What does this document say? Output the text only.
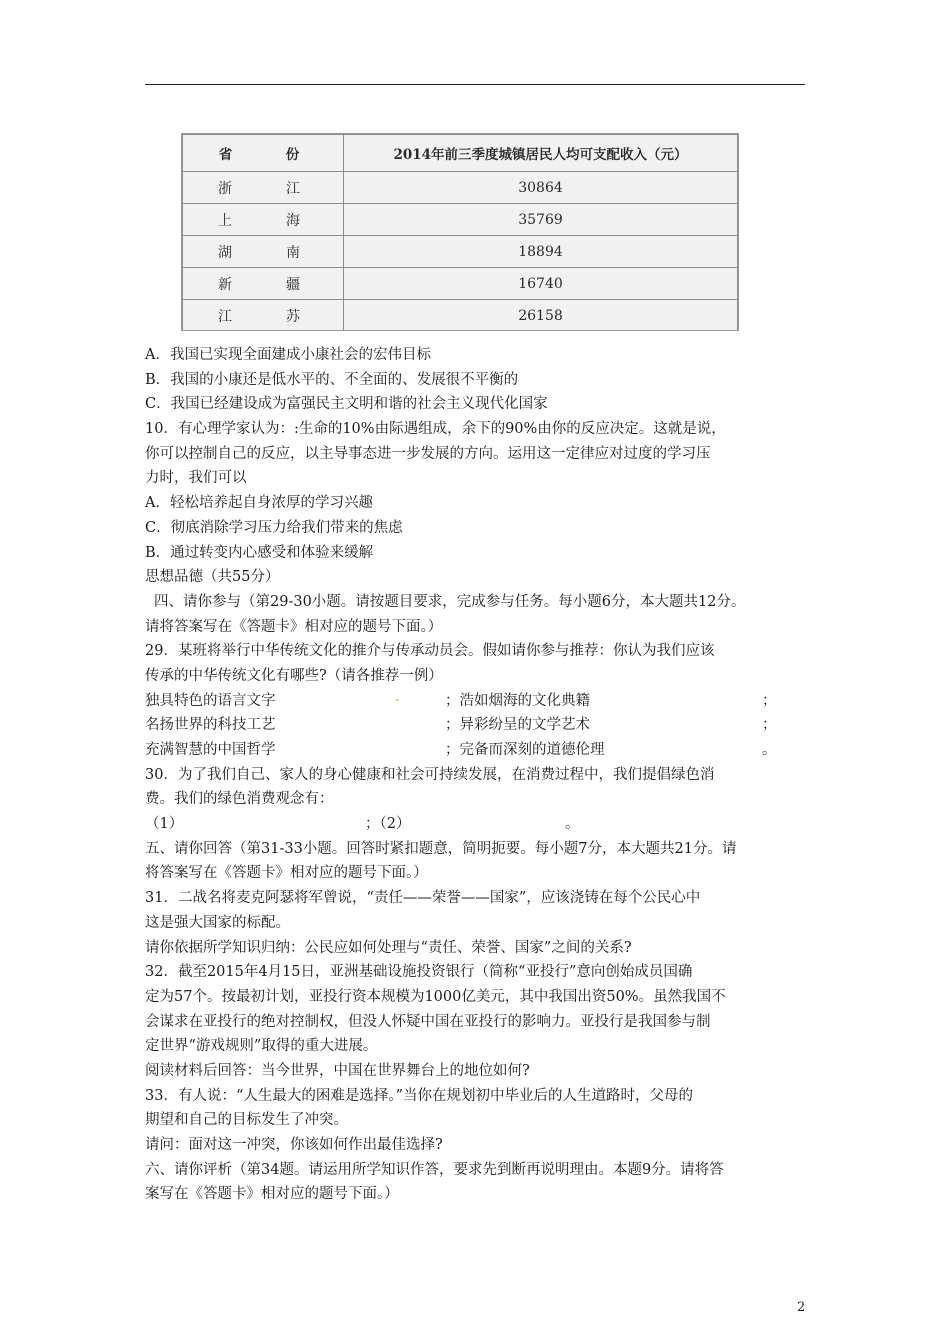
省　份	2014年前三季度城镇居民人均可支配收入（元）
浙　江	30864
上　海	35769
湖　南	18894
新　疆	16740
江　苏	26158
A．我国已实现全面建成小康社会的宏伟目标
B．我国的小康还是低水平的、不全面的、发展很不平衡的
C．我国已经建设成为富强民主文明和谐的社会主义现代化国家
10．有心理学家认为：:生命的10%由际遇组成，余下的90%由你的反应决定。这就是说，
你可以控制自己的反应，以主导事态进一步发展的方向。运用这一定律应对过度的学习压
力时，我们可以
A．轻松培养起自身浓厚的学习兴趣
C．彻底消除学习压力给我们带来的焦虑
B．通过转变内心感受和体验来缓解
思想品德（共55分）
四、请你参与（第29-30小题。请按题目要求，完成参与任务。每小题6分，本大题共12分。
请将答案写在《答题卡》相对应的题号下面。）
29．某班将举行中华传统文化的推介与传承动员会。假如请你参与推荐：你认为我们应该
传承的中华传统文化有哪些?（请各推荐一例）
独具特色的语言文字	·	；浩如烟海的文化典籍	；
名扬世界的科技工艺	；异彩纷呈的文学艺术	；
充满智慧的中国哲学	；完备而深刻的道德伦理	。
30．为了我们自己、家人的身心健康和社会可持续发展，在消费过程中，我们提倡绿色消
费。我们的绿色消费观念有：
（1）	；（2）	。
五、请你回答（第31-33小题。回答时紧扣题意，简明扼要。每小题7分，本大题共21分。请
将答案写在《答题卡》相对应的题号下面。）
31．二战名将麦克阿瑟将军曾说，“责任——荣誉——国家”，应该浇铸在每个公民心中
这是强大国家的标配。
请你依据所学知识归纳：公民应如何处理与“责任、荣誉、国家”之间的关系?
32．截至2015年4月15日，亚洲基础设施投资银行（简称“亚投行”意向创始成员国确
定为57个。按最初计划，亚投行资本规模为1000亿美元，其中我国出资50%。虽然我国不
会谋求在亚投行的绝对控制权，但没人怀疑中国在亚投行的影响力。亚投行是我国参与制
定世界“游戏规则”取得的重大进展。
阅读材料后回答：当今世界，中国在世界舞台上的地位如何?
33．有人说：“人生最大的困难是选择。”当你在规划初中毕业后的人生道路时，父母的
期望和自己的目标发生了冲突。
请问：面对这一冲突，你该如何作出最佳选择?
六、请你评析（第34题。请运用所学知识作答，要求先到断再说明理由。本题9分。请将答
案写在《答题卡》相对应的题号下面。）
2
